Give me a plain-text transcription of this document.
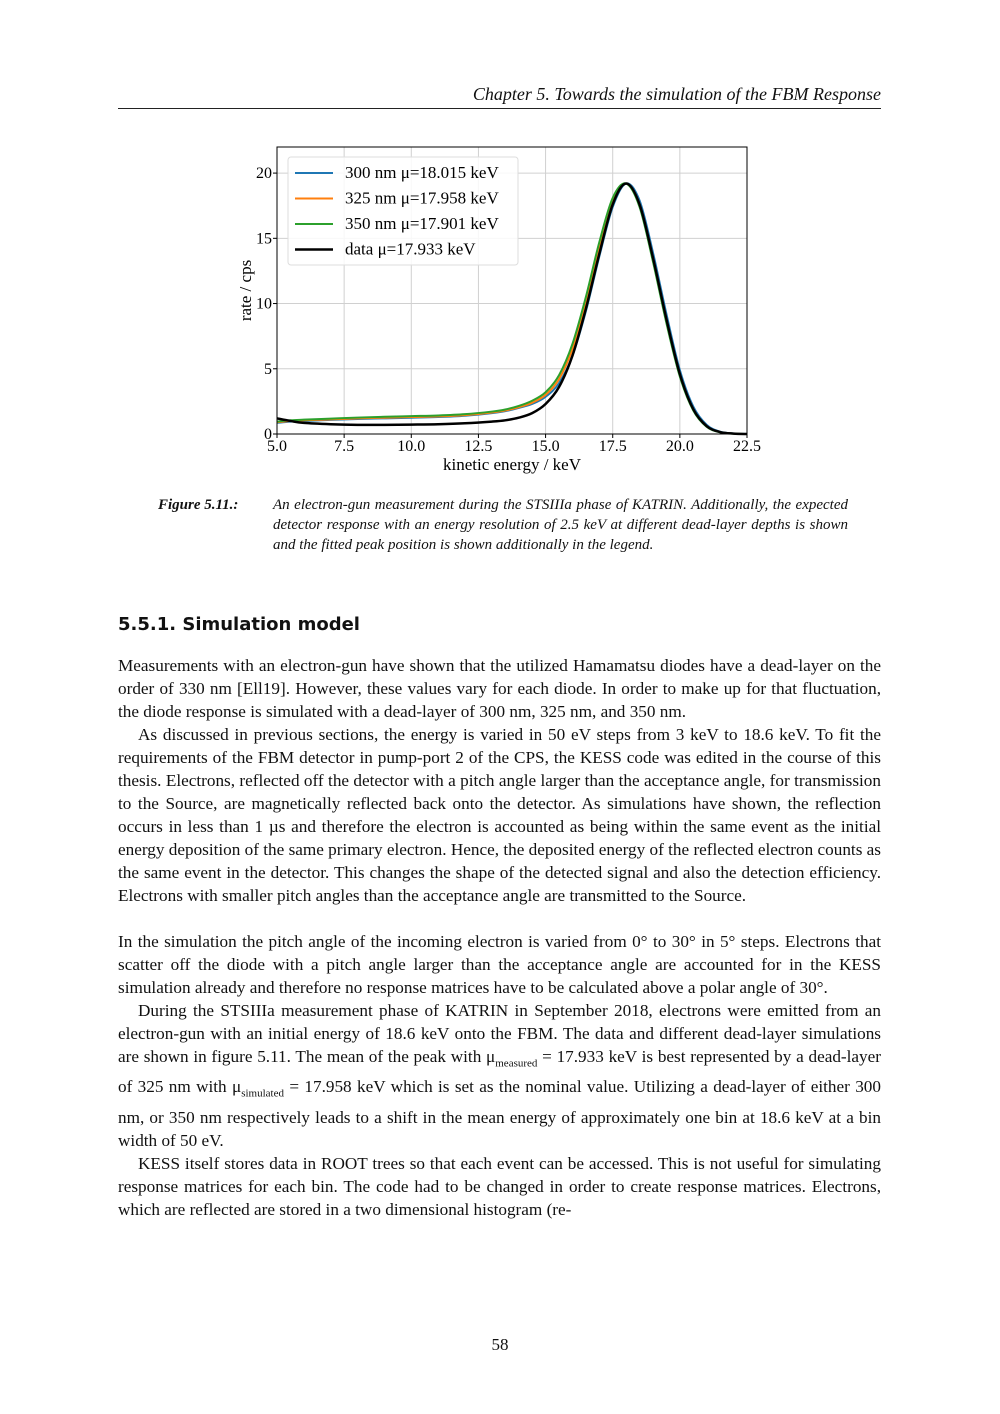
Chapter 5. Towards the simulation of the FBM Response
5.0	7.5	10.0 12.5 15.0 17.5 20.0 22.5
0
5
10
15
20	300 nm μ=18.015 keV
325 nm μ=17.958 keV
350 nm μ=17.901 keV
data μ=17.933 keV
kinetic energy / keV
rate / cps
Figure 5.11.:	An electron-gun measurement during the STSIIIa phase of KATRIN. Additionally, the expected detector response with an energy resolution of 2.5 keV at different dead-layer depths is shown and the fitted peak position is shown additionally in the legend.
5.5.1. Simulation model

Measurements with an electron-gun have shown that the utilized Hamamatsu diodes have a dead-layer on the order of 330 nm [Ell19]. However, these values vary for each diode. In order to make up for that fluctuation, the diode response is simulated with a dead-layer of 300 nm, 325 nm, and 350 nm.

As discussed in previous sections, the energy is varied in 50 eV steps from 3 keV to 18.6 keV. To fit the requirements of the FBM detector in pump-port 2 of the CPS, the KESS code was edited in the course of this thesis. Electrons, reflected off the detector with a pitch angle larger than the acceptance angle, for transmission to the Source, are magnetically reflected back onto the detector. As simulations have shown, the reflection occurs in less than 1 µs and therefore the electron is accounted as being within the same event as the initial energy deposition of the same primary electron. Hence, the deposited energy of the reflected electron counts as the same event in the detector. This changes the shape of the detected signal and also the detection efficiency. Electrons with smaller pitch angles than the acceptance angle are transmitted to the Source.

In the simulation the pitch angle of the incoming electron is varied from 0° to 30° in 5° steps. Electrons that scatter off the diode with a pitch angle larger than the acceptance angle are accounted for in the KESS simulation already and therefore no response matrices have to be calculated above a polar angle of 30°.

During the STSIIIa measurement phase of KATRIN in September 2018, electrons were emitted from an electron-gun with an initial energy of 18.6 keV onto the FBM. The data and different dead-layer simulations are shown in figure 5.11. The mean of the peak with $\mu_{measured} = 17.933$ keV is best represented by a dead-layer of 325 nm with $\mu_{simulated} = 17.958$ keV which is set as the nominal value. Utilizing a dead-layer of either 300 nm, or 350 nm respectively leads to a shift in the mean energy of approximately one bin at 18.6 keV at a bin width of 50 eV.

KESS itself stores data in ROOT trees so that each event can be accessed. This is not useful for simulating response matrices for each bin. The code had to be changed in order to create response matrices. Electrons, which are reflected are stored in a two dimensional histogram (re-

58
